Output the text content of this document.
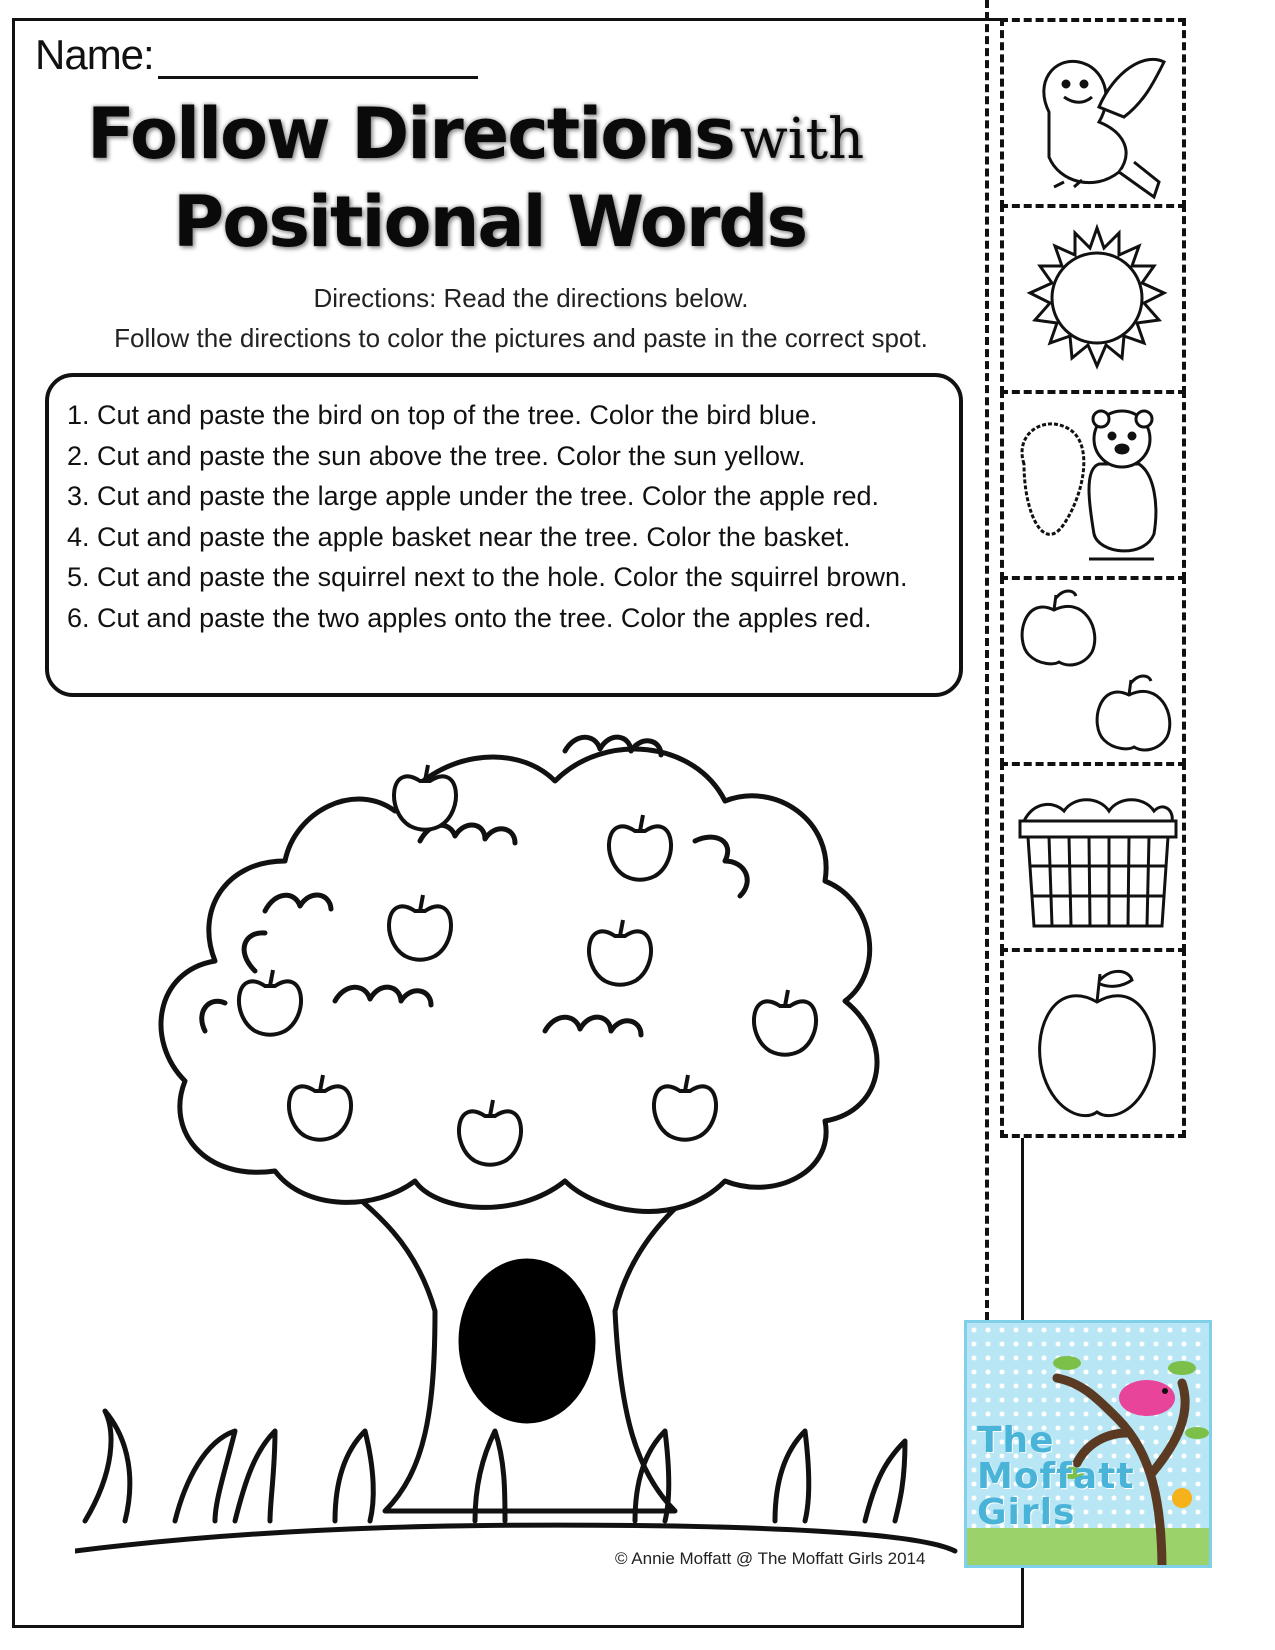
Name:
Follow Directions with
Positional Words
Directions: Read the directions below.
Follow the directions to color the pictures and paste in the correct spot.
1. Cut and paste the bird on top of the tree. Color the bird blue.
2. Cut and paste the sun above the tree. Color the sun yellow.
3. Cut and paste the large apple under the tree. Color the apple red.
4. Cut and paste the apple basket near the tree. Color the basket.
5. Cut and paste the squirrel next to the hole. Color the squirrel brown.
6. Cut and paste the two apples onto the tree. Color the apples red.
© Annie Moffatt @ The Moffatt Girls 2014
The
Moffatt
Girls
